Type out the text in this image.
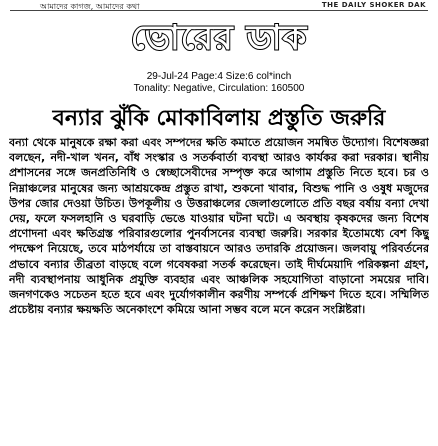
আমাদের কাগজ, আমাদের কথা	THE DAILY SHOKER DAK
ভোরের ডাক
29-Jul-24 Page:4 Size:6 col*inch
Tonality: Negative, Circulation: 160500
বন্যার ঝুঁকি মোকাবিলায় প্রস্তুতি জরুরি

বন্যা থেকে মানুষকে রক্ষা করা এবং সম্পদের ক্ষতি কমাতে প্রয়োজন সমন্বিত উদ্যোগ। বিশেষজ্ঞরা বলছেন, নদী-খাল খনন, বাঁধ সংস্কার ও সতর্কবার্তা ব্যবস্থা আরও কার্যকর করা দরকার। স্থানীয় প্রশাসনের সঙ্গে জনপ্রতিনিধি ও স্বেচ্ছাসেবীদের সম্পৃক্ত করে আগাম প্রস্তুতি নিতে হবে। চর ও নিম্নাঞ্চলের মানুষের জন্য আশ্রয়কেন্দ্র প্রস্তুত রাখা, শুকনো খাবার, বিশুদ্ধ পানি ও ওষুধ মজুদের উপর জোর দেওয়া উচিত। উপকূলীয় ও উত্তরাঞ্চলের জেলাগুলোতে প্রতি বছর বর্ষায় বন্যা দেখা দেয়, ফলে ফসলহানি ও ঘরবাড়ি ভেঙে যাওয়ার ঘটনা ঘটে। এ অবস্থায় কৃষকদের জন্য বিশেষ প্রণোদনা এবং ক্ষতিগ্রস্ত পরিবারগুলোর পুনর্বাসনের ব্যবস্থা জরুরি। সরকার ইতোমধ্যে বেশ কিছু পদক্ষেপ নিয়েছে, তবে মাঠপর্যায়ে তা বাস্তবায়নে আরও তদারকি প্রয়োজন। জলবায়ু পরিবর্তনের প্রভাবে বন্যার তীব্রতা বাড়ছে বলে গবেষকরা সতর্ক করেছেন। তাই দীর্ঘমেয়াদি পরিকল্পনা গ্রহণ, নদী ব্যবস্থাপনায় আধুনিক প্রযুক্তি ব্যবহার এবং আঞ্চলিক সহযোগিতা বাড়ানো সময়ের দাবি। জনগণকেও সচেতন হতে হবে এবং দুর্যোগকালীন করণীয় সম্পর্কে প্রশিক্ষণ দিতে হবে। সম্মিলিত প্রচেষ্টায় বন্যার ক্ষয়ক্ষতি অনেকাংশে কমিয়ে আনা সম্ভব বলে মনে করেন সংশ্লিষ্টরা।
